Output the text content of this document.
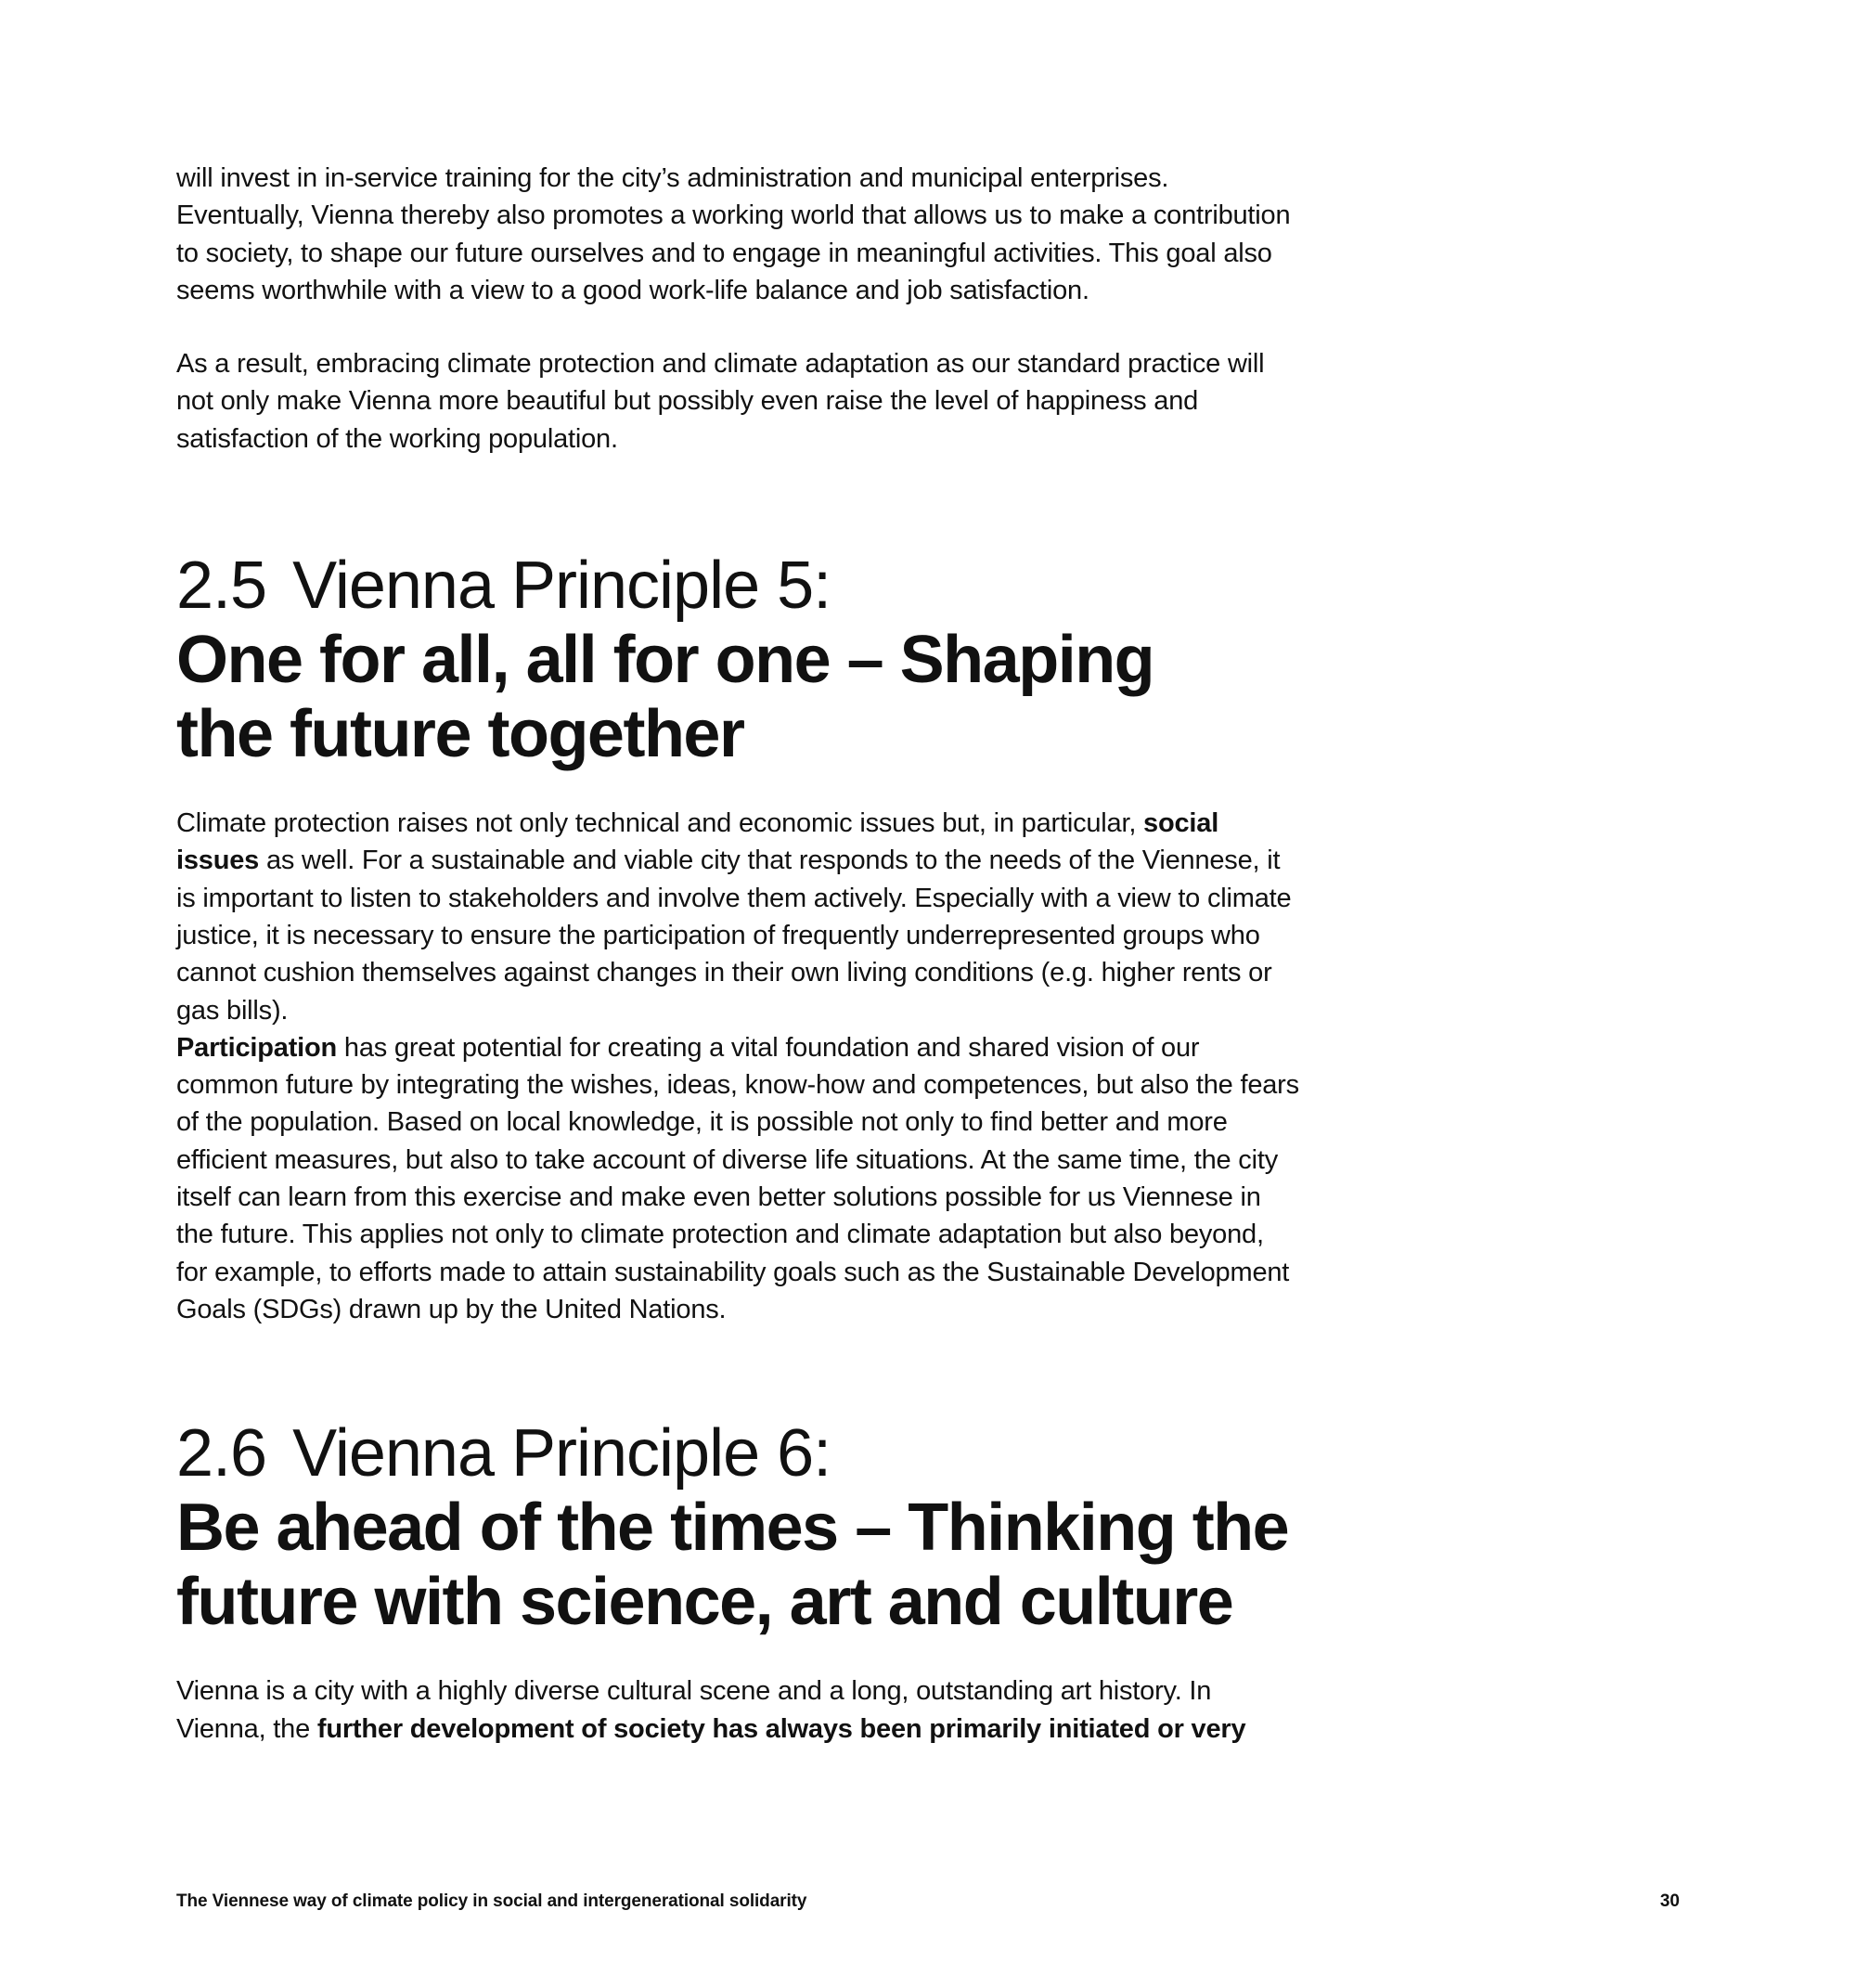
will invest in in-service training for the city’s administration and municipal enterprises. Eventually, Vienna thereby also promotes a working world that allows us to make a contribution to society, to shape our future ourselves and to engage in meaningful activities. This goal also seems worthwhile with a view to a good work-life balance and job satisfaction.

As a result, embracing climate protection and climate adaptation as our standard practice will not only make Vienna more beautiful but possibly even raise the level of happiness and satisfaction of the working population.

2.5 Vienna Principle 5:
One for all, all for one – Shaping
the future together

Climate protection raises not only technical and economic issues but, in particular, social issues as well. For a sustainable and viable city that responds to the needs of the Viennese, it is important to listen to stakeholders and involve them actively. Especially with a view to climate justice, it is necessary to ensure the participation of frequently underrepresented groups who cannot cushion themselves against changes in their own living conditions (e.g. higher rents or gas bills).

Participation has great potential for creating a vital foundation and shared vision of our common future by integrating the wishes, ideas, know-how and competences, but also the fears of the population. Based on local knowledge, it is possible not only to find better and more efficient measures, but also to take account of diverse life situations. At the same time, the city itself can learn from this exercise and make even better solutions possible for us Viennese in the future. This applies not only to climate protection and climate adaptation but also beyond, for example, to efforts made to attain sustainability goals such as the Sustainable Development Goals (SDGs) drawn up by the United Nations.

2.6 Vienna Principle 6:
Be ahead of the times – Thinking the
future with science, art and culture

Vienna is a city with a highly diverse cultural scene and a long, outstanding art history. In Vienna, the further development of society has always been primarily initiated or very

The Viennese way of climate policy in social and intergenerational solidarity	30
